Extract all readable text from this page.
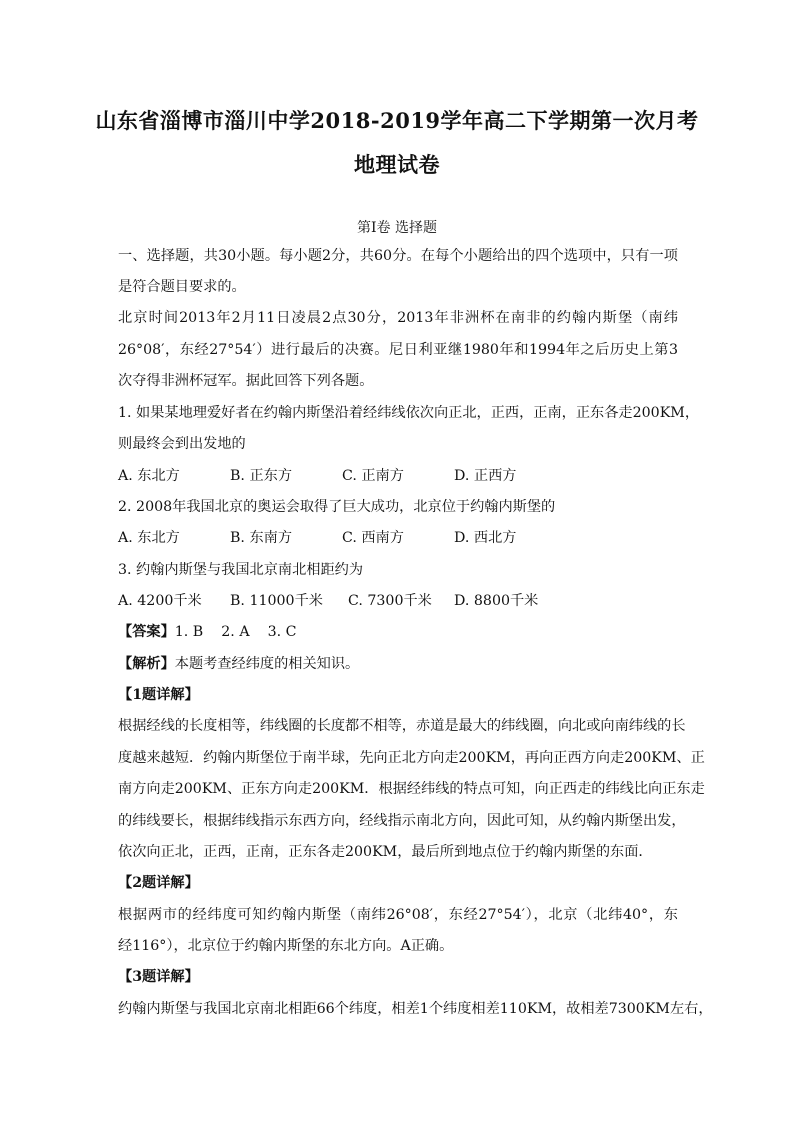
山东省淄博市淄川中学2018-2019学年高二下学期第一次月考
地理试卷
第I卷 选择题
一、选择题，共30小题。每小题2分，共60分。在每个小题给出的四个选项中，只有一项
是符合题目要求的。
北京时间2013年2月11日凌晨2点30分，2013年非洲杯在南非的约翰内斯堡（南纬
26°08′，东经27°54′）进行最后的决赛。尼日利亚继1980年和1994年之后历史上第3
次夺得非洲杯冠军。据此回答下列各题。
1. 如果某地理爱好者在约翰内斯堡沿着经纬线依次向正北，正西，正南，正东各走200KM，
则最终会到出发地的
A. 东北方	B. 正东方	C. 正南方	D. 正西方
2. 2008年我国北京的奥运会取得了巨大成功，北京位于约翰内斯堡的
A. 东北方	B. 东南方	C. 西南方	D. 西北方
3. 约翰内斯堡与我国北京南北相距约为
A. 4200千米 B. 11000千米 C. 7300千米 D. 8800千米
【答案】1. B    2. A    3. C
【解析】本题考查经纬度的相关知识。
【1题详解】
根据经线的长度相等，纬线圈的长度都不相等，赤道是最大的纬线圈，向北或向南纬线的长
度越来越短．约翰内斯堡位于南半球，先向正北方向走200KM，再向正西方向走200KM、正
南方向走200KM、正东方向走200KM．根据经纬线的特点可知，向正西走的纬线比向正东走
的纬线要长，根据纬线指示东西方向，经线指示南北方向，因此可知，从约翰内斯堡出发，
依次向正北，正西，正南，正东各走200KM，最后所到地点位于约翰内斯堡的东面．
【2题详解】
根据两市的经纬度可知约翰内斯堡（南纬26°08′，东经27°54′），北京（北纬40°，东
经116°），北京位于约翰内斯堡的东北方向。A正确。
【3题详解】
约翰内斯堡与我国北京南北相距66个纬度，相差1个纬度相差110KM，故相差7300KM左右，
